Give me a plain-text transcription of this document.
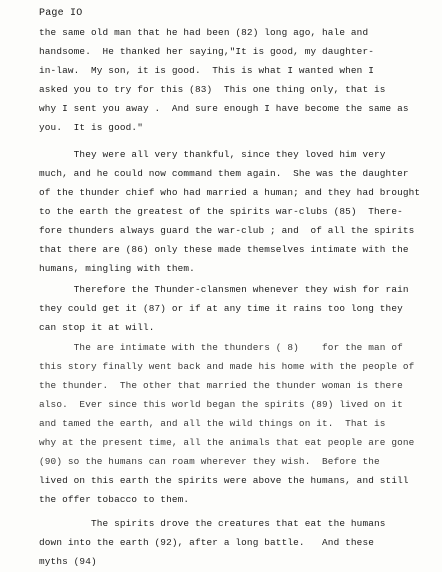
Page IO
the same old man that he had been (82) long ago, hale and
handsome.  He thanked her saying,"It is good, my daughter-
in-law.  My son, it is good.  This is what I wanted when I
asked you to try for this (83)  This one thing only, that is
why I sent you away .  And sure enough I have become the same as
you.  It is good."
They were all very thankful, since they loved him very
much, and he could now command them again.  She was the daughter
of the thunder chief who had married a human; and they had brought
to the earth the greatest of the spirits war-clubs (85)  There-
fore thunders always guard the war-club ; and  of all the spirits
that there are (86) only these made themselves intimate with the
humans, mingling with them.
Therefore the Thunder-clansmen whenever they wish for rain
they could get it (87) or if at any time it rains too long they
can stop it at will.
The are intimate with the thunders ( 8)    for the man of
this story finally went back and made his home with the people of
the thunder.  The other that married the thunder woman is there
also.  Ever since this world began the spirits (89) lived on it
and tamed the earth, and all the wild things on it.  That is
why at the present time, all the animals that eat people are gone
(90) so the humans can roam wherever they wish.  Before the
lived on this earth the spirits were above the humans, and still
the offer tobacco to them.
The spirits drove the creatures that eat the humans
down into the earth (92), after a long battle.   And these
myths (94)
